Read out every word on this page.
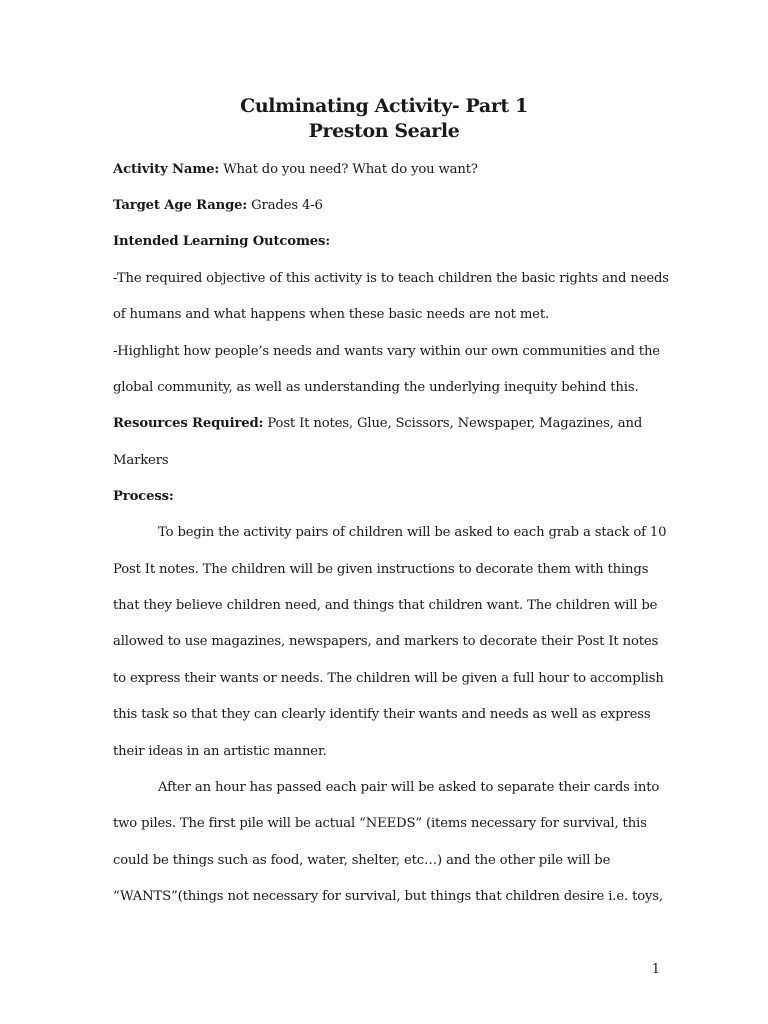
Culminating Activity- Part 1
Preston Searle
Activity Name: What do you need? What do you want?
Target Age Range: Grades 4-6
Intended Learning Outcomes:
-The required objective of this activity is to teach children the basic rights and needs
of humans and what happens when these basic needs are not met.
-Highlight how people’s needs and wants vary within our own communities and the
global community, as well as understanding the underlying inequity behind this.
Resources Required: Post It notes, Glue, Scissors, Newspaper, Magazines, and
Markers
Process:
To begin the activity pairs of children will be asked to each grab a stack of 10
Post It notes. The children will be given instructions to decorate them with things
that they believe children need, and things that children want. The children will be
allowed to use magazines, newspapers, and markers to decorate their Post It notes
to express their wants or needs. The children will be given a full hour to accomplish
this task so that they can clearly identify their wants and needs as well as express
their ideas in an artistic manner.
After an hour has passed each pair will be asked to separate their cards into
two piles. The first pile will be actual “NEEDS” (items necessary for survival, this
could be things such as food, water, shelter, etc…) and the other pile will be
“WANTS”(things not necessary for survival, but things that children desire i.e. toys,
1
